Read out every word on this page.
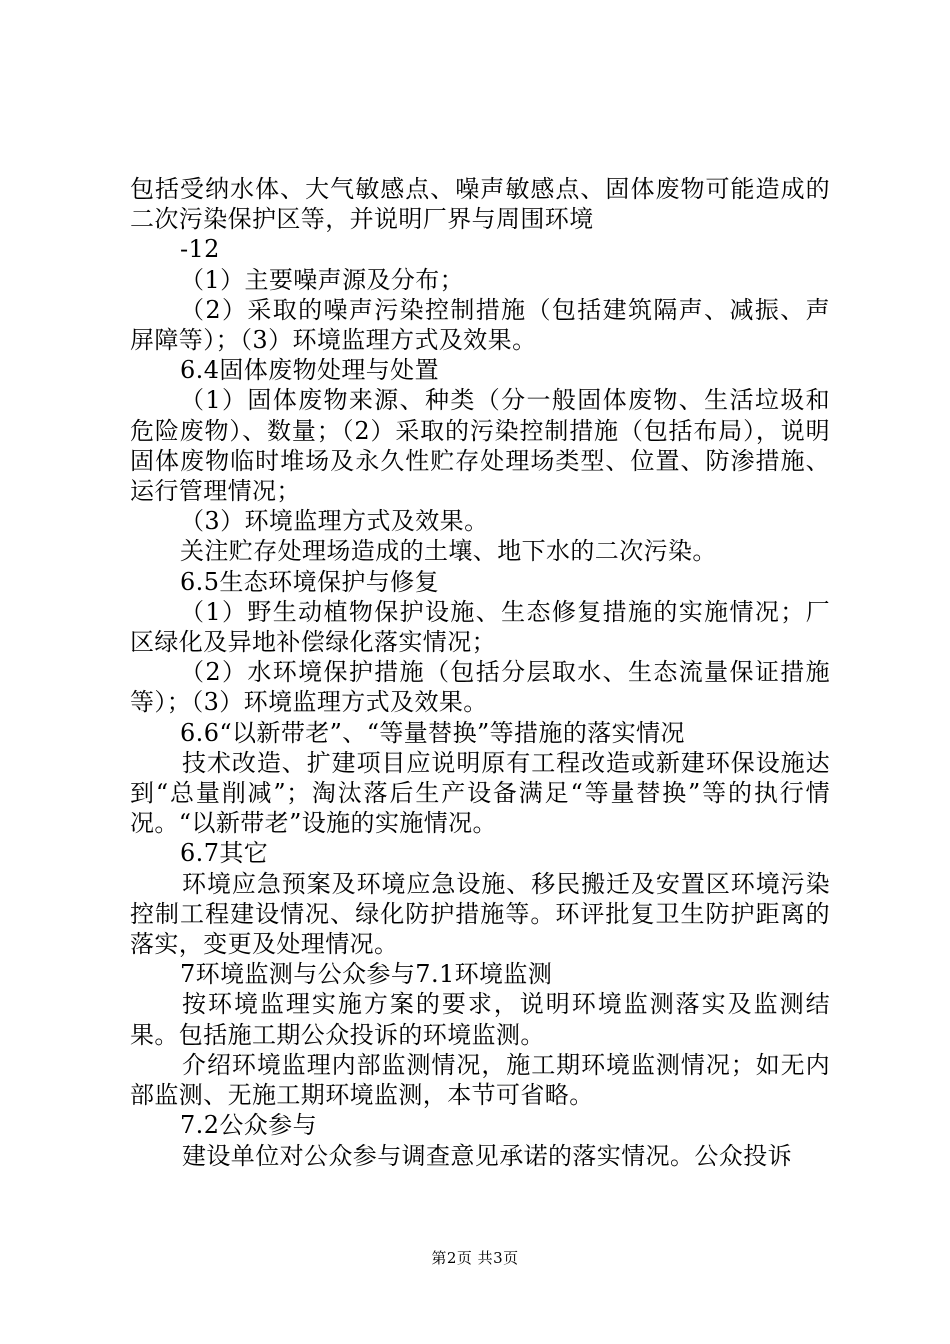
包括受纳水体、大气敏感点、噪声敏感点、固体废物可能造成的二次污染保护区等，并说明厂界与周围环境

-12

（1）主要噪声源及分布；

（2）采取的噪声污染控制措施（包括建筑隔声、减振、声屏障等）；（3）环境监理方式及效果。

6.4固体废物处理与处置

（1）固体废物来源、种类（分一般固体废物、生活垃圾和危险废物）、数量；（2）采取的污染控制措施（包括布局），说明固体废物临时堆场及永久性贮存处理场类型、位置、防渗措施、运行管理情况；

（3）环境监理方式及效果。

关注贮存处理场造成的土壤、地下水的二次污染。

6.5生态环境保护与修复

（1）野生动植物保护设施、生态修复措施的实施情况；厂区绿化及异地补偿绿化落实情况；

（2）水环境保护措施（包括分层取水、生态流量保证措施等）；（3）环境监理方式及效果。

6.6“以新带老”、“等量替换”等措施的落实情况

技术改造、扩建项目应说明原有工程改造或新建环保设施达到“总量削减”；淘汰落后生产设备满足“等量替换”等的执行情况。“以新带老”设施的实施情况。

6.7其它

环境应急预案及环境应急设施、移民搬迁及安置区环境污染控制工程建设情况、绿化防护措施等。环评批复卫生防护距离的落实，变更及处理情况。

7环境监测与公众参与7.1环境监测

按环境监理实施方案的要求，说明环境监测落实及监测结果。包括施工期公众投诉的环境监测。

介绍环境监理内部监测情况，施工期环境监测情况；如无内部监测、无施工期环境监测，本节可省略。

7.2公众参与

建设单位对公众参与调查意见承诺的落实情况。公众投诉

第2页 共3页
